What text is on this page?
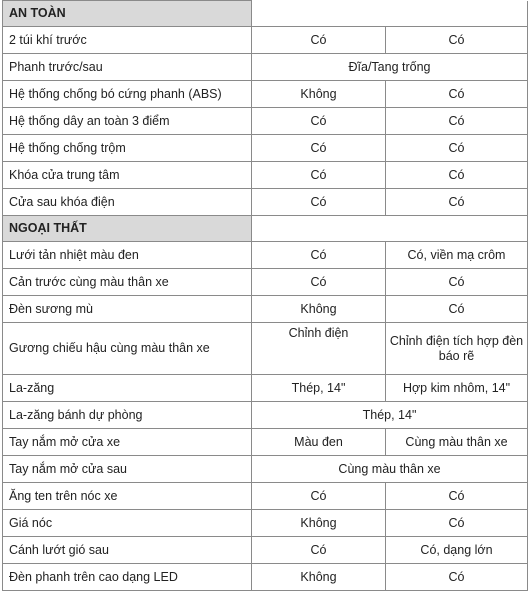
AN TOÀN		
2 túi khí trước	Có	Có
Phanh trước/sau	Đĩa/Tang trống	
Hệ thống chống bó cứng phanh (ABS)	Không	Có
Hệ thống dây an toàn 3 điểm	Có	Có
Hệ thống chống trộm	Có	Có
Khóa cửa trung tâm	Có	Có
Cửa sau khóa điện	Có	Có
NGOẠI THẤT		
Lưới tản nhiệt màu đen	Có	Có, viền mạ crôm
Cản trước cùng màu thân xe	Có	Có
Đèn sương mù	Không	Có
Gương chiếu hậu cùng màu thân xe	Chỉnh điện	Chỉnh điện tích hợp đèn báo rẽ
La-zăng	Thép, 14"	Hợp kim nhôm, 14"
La-zăng bánh dự phòng	Thép, 14"	
Tay nắm mở cửa xe	Màu đen	Cùng màu thân xe
Tay nắm mở cửa sau	Cùng màu thân xe	
Ăng ten trên nóc xe	Có	Có
Giá nóc	Không	Có
Cánh lướt gió sau	Có	Có, dạng lớn
Đèn phanh trên cao dạng LED	Không	Có
